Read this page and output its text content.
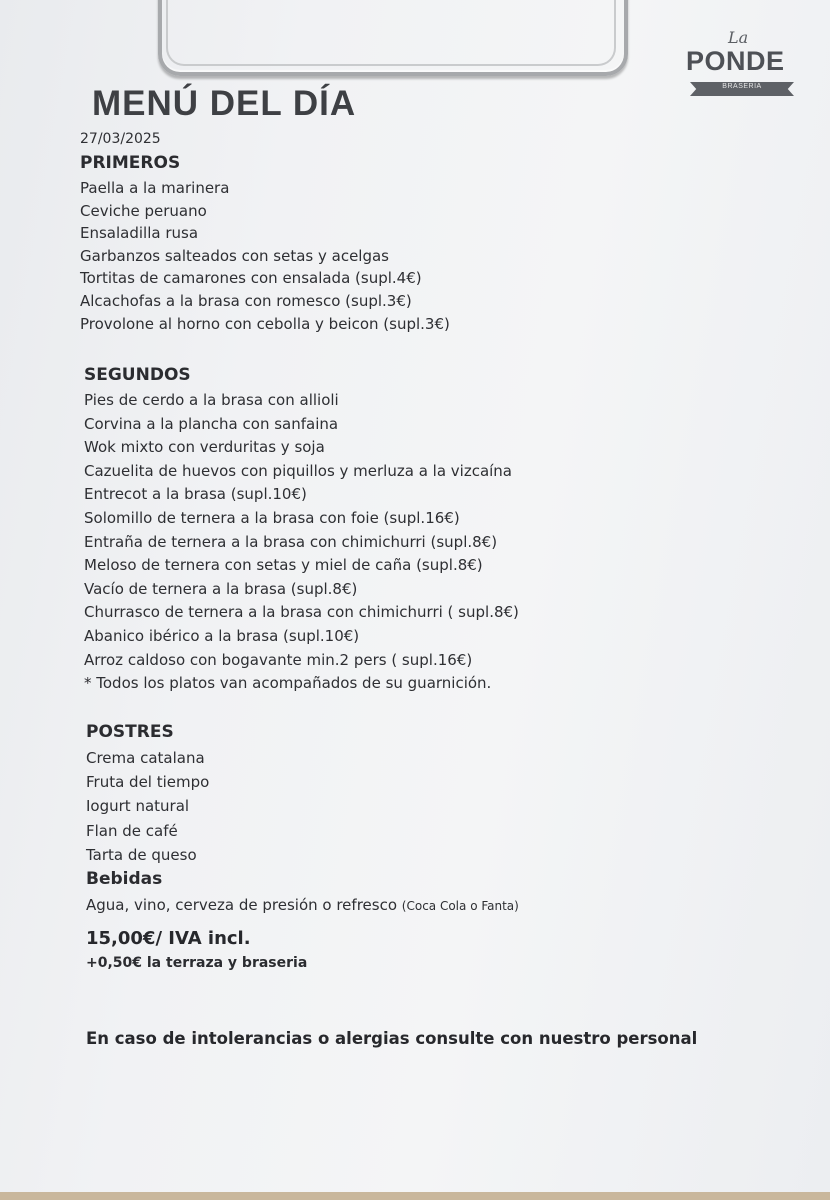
La
PONDE
BRASERIA
MENÚ DEL DÍA
27/03/2025
PRIMEROS
Paella a la marinera
Ceviche peruano
Ensaladilla rusa
Garbanzos salteados con setas y acelgas
Tortitas de camarones con ensalada (supl.4€)
Alcachofas a la brasa con romesco (supl.3€)
Provolone al horno con cebolla y beicon (supl.3€)
SEGUNDOS
Pies de cerdo a la brasa con allioli
Corvina a la plancha con sanfaina
Wok mixto con verduritas y soja
Cazuelita de huevos con piquillos y merluza a la vizcaína
Entrecot a la brasa (supl.10€)
Solomillo de ternera a la brasa con foie (supl.16€)
Entraña de ternera a la brasa con chimichurri (supl.8€)
Meloso de ternera con setas y miel de caña (supl.8€)
Vacío de ternera a la brasa (supl.8€)
Churrasco de ternera a la brasa con chimichurri ( supl.8€)
Abanico ibérico a la brasa (supl.10€)
Arroz caldoso con bogavante min.2 pers ( supl.16€)
* Todos los platos van acompañados de su guarnición.
POSTRES
Crema catalana
Fruta del tiempo
Iogurt natural
Flan de café
Tarta de queso
Bebidas
Agua, vino, cerveza de presión o refresco (Coca Cola o Fanta)
15,00€/ IVA incl.
+0,50€ la terraza y braseria
En caso de intolerancias o alergias consulte con nuestro personal
